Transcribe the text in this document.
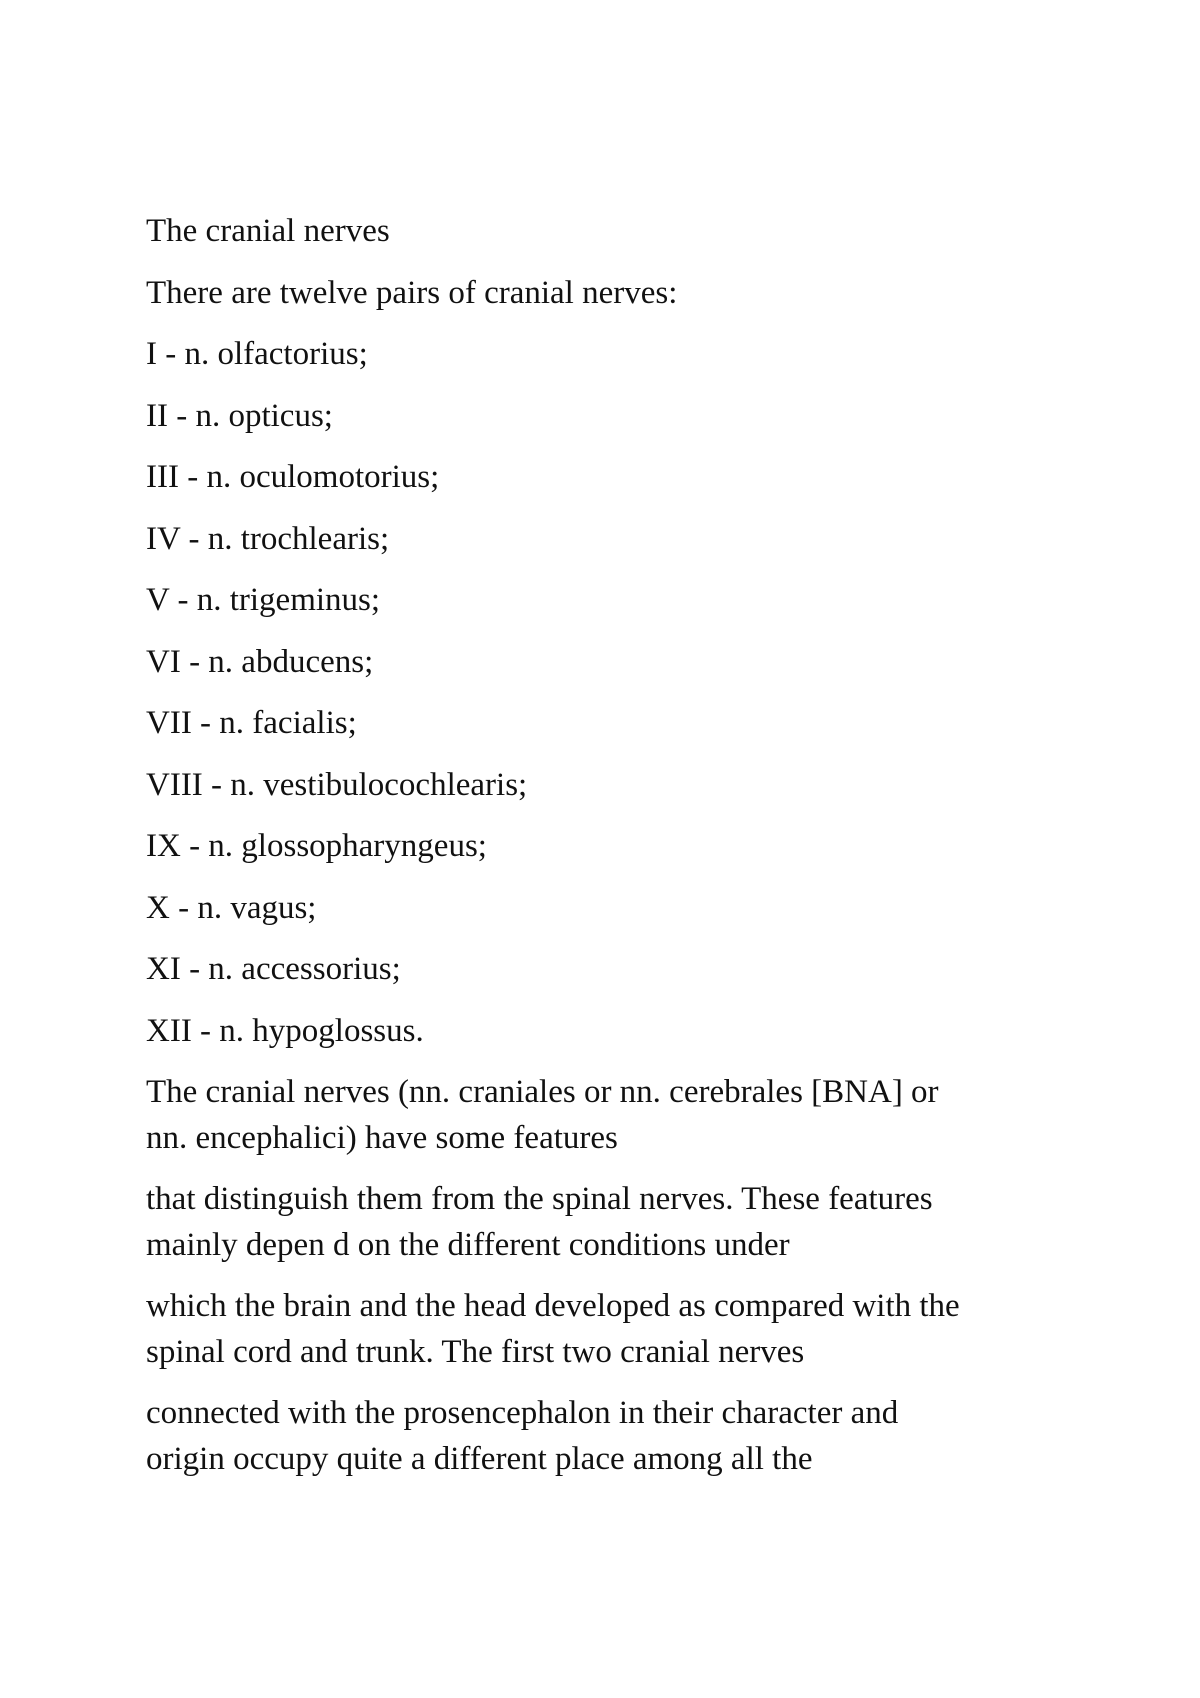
The cranial nerves
There are twelve pairs of cranial nerves:
I - n. olfactorius;
II - n. opticus;
III - n. oculomotorius;
IV - n. trochlearis;
V - n. trigeminus;
VI - n. abducens;
VII - n. facialis;
VIII - n. vestibulocochlearis;
IX - n. glossopharyngeus;
X - n. vagus;
XI - n. accessorius;
XII - n. hypoglossus.
The cranial nerves (nn. craniales or nn. cerebrales [BNA] or
nn. encephalici) have some features
that distinguish them from the spinal nerves. These features
mainly depen d on the different conditions under
which the brain and the head developed as compared with the
spinal cord and trunk. The first two cranial nerves
connected with the prosencephalon in their character and
origin occupy quite a different place among all the
